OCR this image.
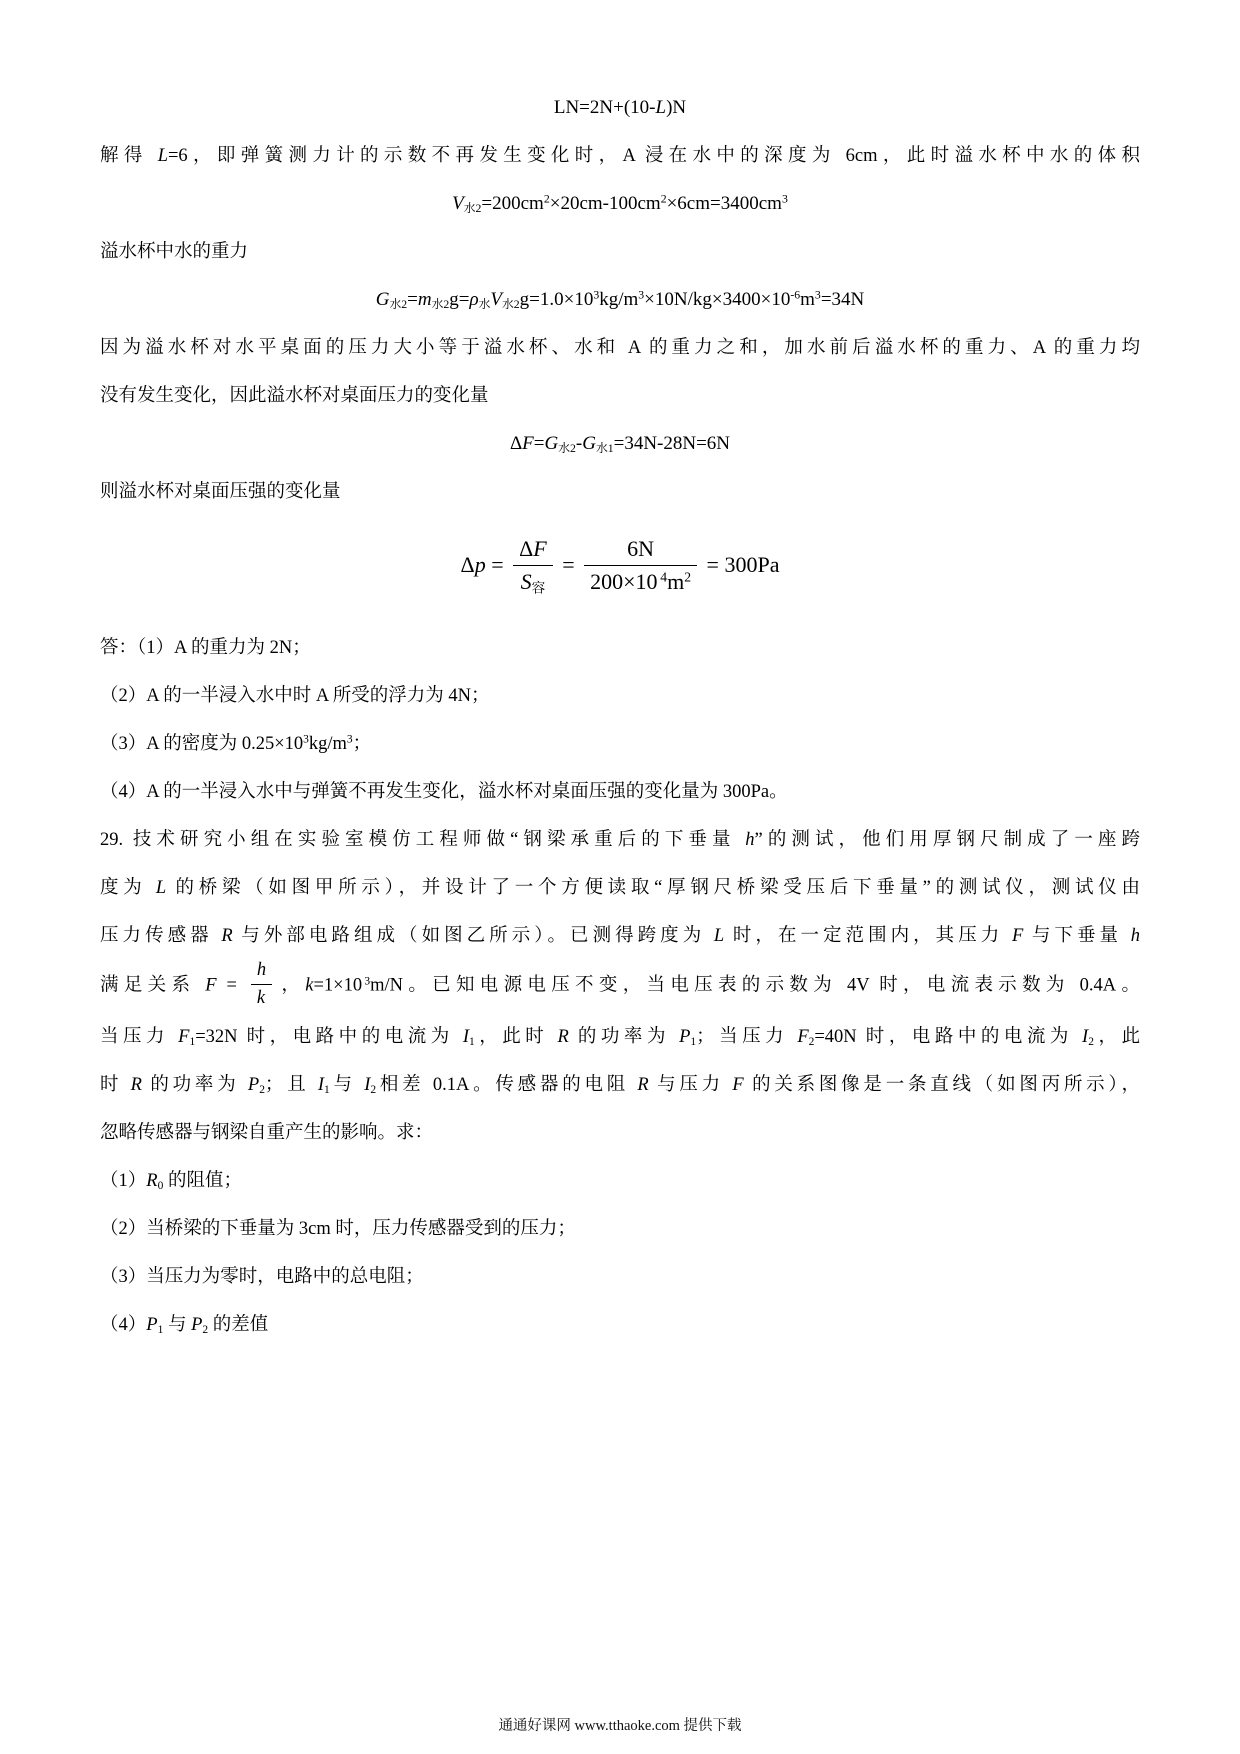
LN=2N+(10-L)N
解得 L=6，即弹簧测力计的示数不再发生变化时，A 浸在水中的深度为 6cm，此时溢水杯中水的体积
$V_{水2}=200cm^2\times 20cm-100cm^2\times 6cm=3400cm^3$
溢水杯中水的重力
$G_{水2}=m_{水2}g=\rho_水V_{水2}g=1.0\times 10^3kg/m^3\times 10N/kg\times 3400\times 10^{-6}m^3=34N$
因为溢水杯对水平桌面的压力大小等于溢水杯、水和 A 的重力之和，加水前后溢水杯的重力、A 的重力均
没有发生变化，因此溢水杯对桌面压力的变化量
$\Delta F=G_{水2}-G_{水1}=34N-28N=6N$
则溢水杯对桌面压强的变化量
$\Delta p = \frac{\Delta F}{S_容} = \frac{6N}{200\times 10 ^4m^2} = 300Pa$
答：（1）A 的重力为 2N；
（2）A 的一半浸入水中时 A 所受的浮力为 4N；
（3）A 的密度为 $0.25\times 10^3kg/m^3$；
（4）A 的一半浸入水中与弹簧不再发生变化，溢水杯对桌面压强的变化量为 300Pa。
29. 技术研究小组在实验室模仿工程师做“钢梁承重后的下垂量 h”的测试，他们用厚钢尺制成了一座跨
度为 L 的桥梁（如图甲所示），并设计了一个方便读取“厚钢尺桥梁受压后下垂量”的测试仪，测试仪由
压力传感器 R 与外部电路组成（如图乙所示）。已测得跨度为 L 时，在一定范围内，其压力 F 与下垂量 h
满足关系 $F = \frac{h}{k}$ ，k=1×10 $^3$m/N。已知电源电压不变，当电压表的示数为 4V 时，电流表示数为 0.4A。
当压力 $F_1=32N$ 时，电路中的电流为 $I_1$，此时 R 的功率为 $P_1$；当压力 $F_2=40N$ 时，电路中的电流为 $I_2$，此
时 R 的功率为 $P_2$；且 $I_1$与 $I_2$相差 0.1A。传感器的电阻 R 与压力 F 的关系图像是一条直线（如图丙所示），
忽略传感器与钢梁自重产生的影响。求：
$(1)R_0$ 的阻值；
（2）当桥梁的下垂量为 3cm 时，压力传感器受到的压力；
（3）当压力为零时，电路中的总电阻；
$(4)P_1$ 与 $P_2$ 的差值
通通好课网 www.tthaoke.com 提供下载
